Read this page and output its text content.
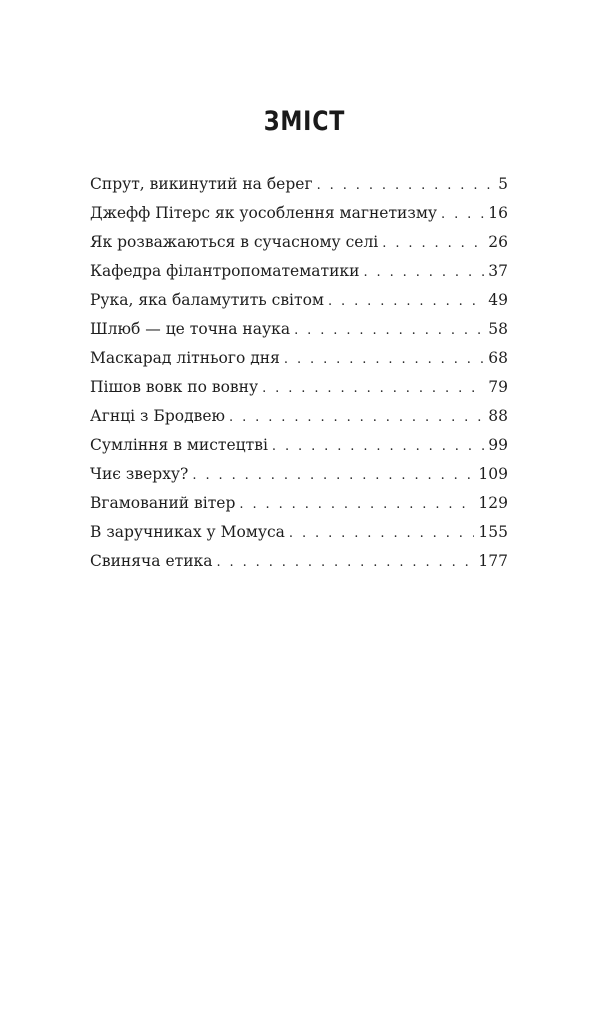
ЗМІСТ
Спрут, викинутий на берег . . .	5
Джефф Пітерс як уособлення магнетизму . . .	16
Як розважаються в сучасному селі . . .	26
Кафедра філантропоматематики . . .	37
Рука, яка баламутить світом . . .	49
Шлюб — це точна наука . . .	58
Маскарад літнього дня . . .	68
Пішов вовк по вовну . . .	79
Агнці з Бродвею . . .	88
Сумління в мистецтві . . .	99
Чиє зверху? . . .	109
Вгамований вітер . . .	129
В заручниках у Момуса . . .	155
Свиняча етика . . .	177
